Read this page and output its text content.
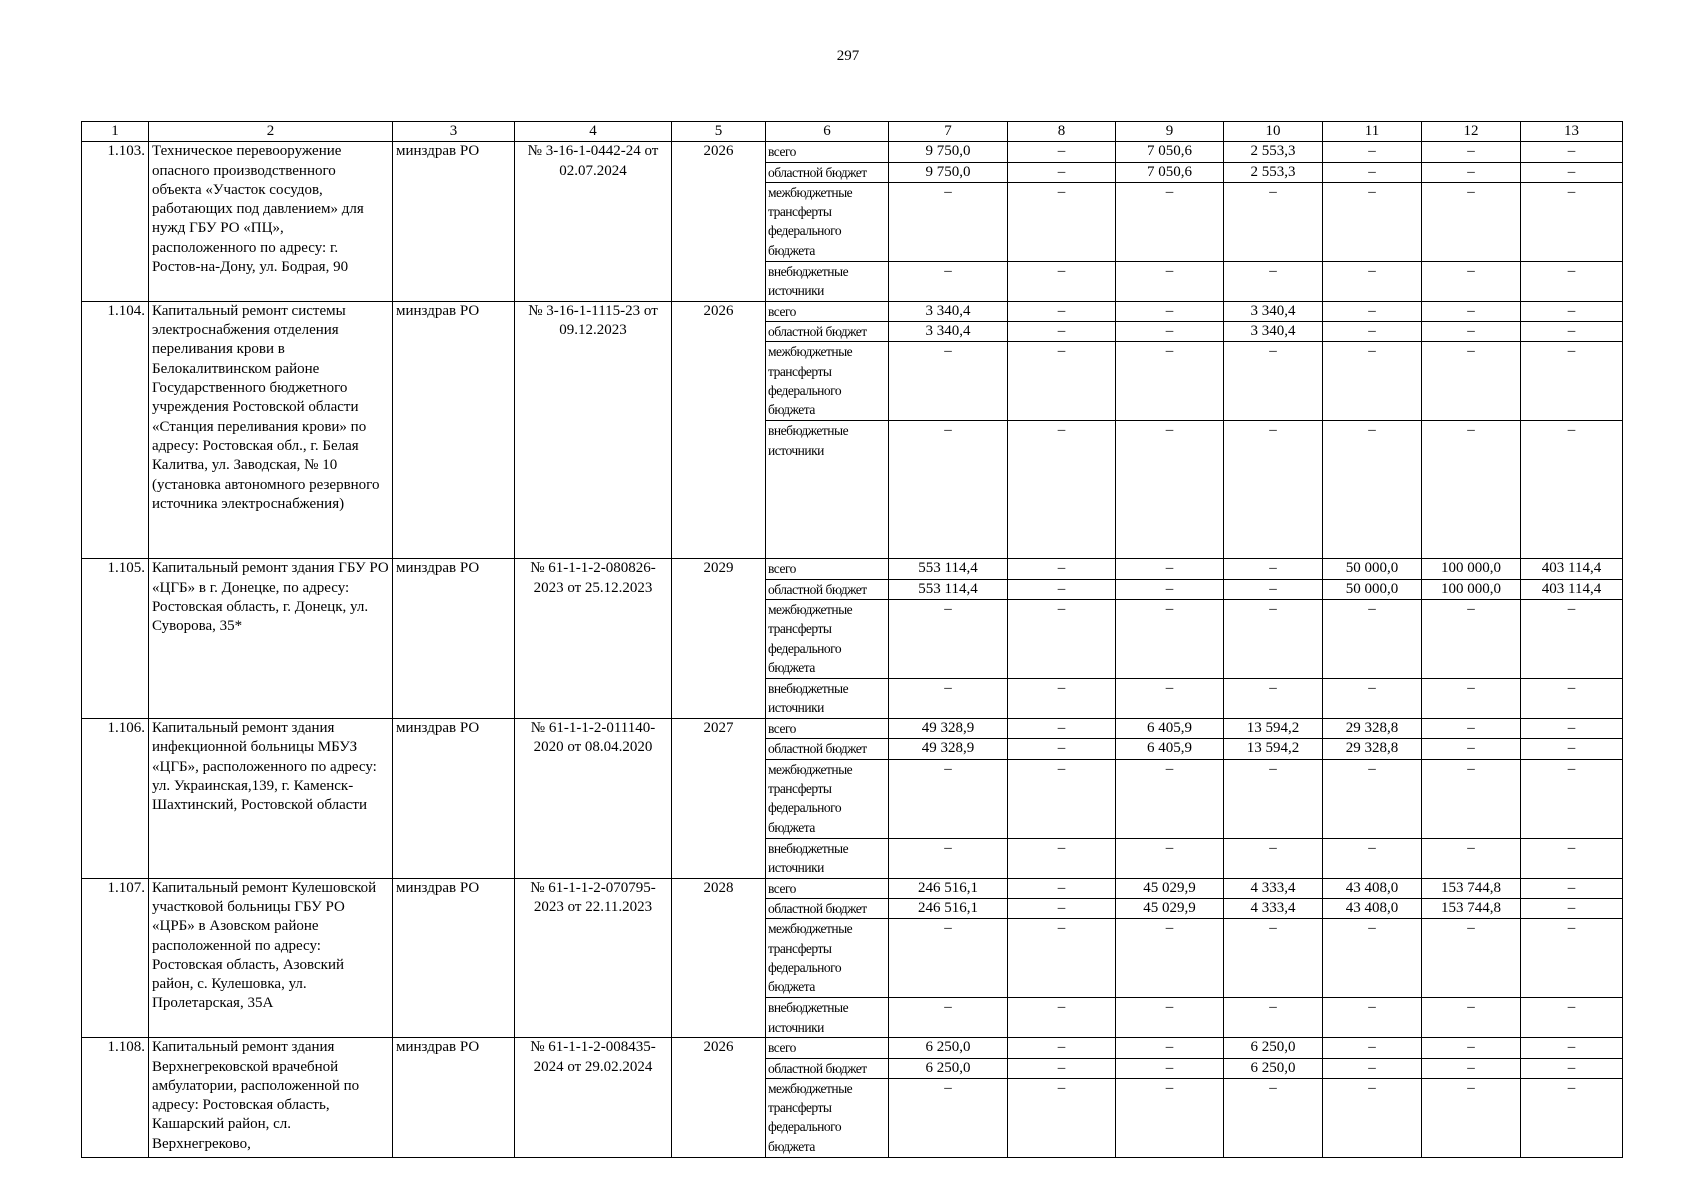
297
1	2	3	4	5	6	7	8	9	10	11	12	13
1.103.	Техническое перевооружение опасного производственного объекта «Участок сосудов, работающих под давлением» для нужд ГБУ РО «ПЦ», расположенного по адресу: г. Ростов-на-Дону, ул. Бодрая, 90	минздрав РО	№ 3-16-1-0442-24 от 02.07.2024	2026	всего	9 750,0	–	7 050,6	2 553,3	–	–	–
					областной бюджет	9 750,0	–	7 050,6	2 553,3	–	–	–
					межбюджетные трансферты федерального бюджета	–	–	–	–	–	–	–
					внебюджетные источники	–	–	–	–	–	–	–
1.104.	Капитальный ремонт системы электроснабжения отделения переливания крови в Белокалитвинском районе Государственного бюджетного учреждения Ростовской области «Станция переливания крови» по адресу: Ростовская обл., г. Белая Калитва, ул. Заводская, № 10 (установка автономного резервного источника электроснабжения)	минздрав РО	№ 3-16-1-1115-23 от 09.12.2023	2026	всего	3 340,4	–	–	3 340,4	–	–	–
					областной бюджет	3 340,4	–	–	3 340,4	–	–	–
					межбюджетные трансферты федерального бюджета	–	–	–	–	–	–	–
					внебюджетные источники	–	–	–	–	–	–	–
1.105.	Капитальный ремонт здания ГБУ РО «ЦГБ» в г. Донецке, по адресу: Ростовская область, г. Донецк, ул. Суворова, 35*	минздрав РО	№ 61-1-1-2-080826-2023 от 25.12.2023	2029	всего	553 114,4	–	–	–	50 000,0	100 000,0	403 114,4
					областной бюджет	553 114,4	–	–	–	50 000,0	100 000,0	403 114,4
					межбюджетные трансферты федерального бюджета	–	–	–	–	–	–	–
					внебюджетные источники	–	–	–	–	–	–	–
1.106.	Капитальный ремонт здания инфекционной больницы МБУЗ «ЦГБ», расположенного по адресу: ул. Украинская,139, г. Каменск-Шахтинский, Ростовской области	минздрав РО	№ 61-1-1-2-011140-2020 от 08.04.2020	2027	всего	49 328,9	–	6 405,9	13 594,2	29 328,8	–	–
					областной бюджет	49 328,9	–	6 405,9	13 594,2	29 328,8	–	–
					межбюджетные трансферты федерального бюджета	–	–	–	–	–	–	–
					внебюджетные источники	–	–	–	–	–	–	–
1.107.	Капитальный ремонт Кулешовской участковой больницы ГБУ РО «ЦРБ» в Азовском районе расположенной по адресу: Ростовская область, Азовский район, с. Кулешовка, ул. Пролетарская, 35А	минздрав РО	№ 61-1-1-2-070795-2023 от 22.11.2023	2028	всего	246 516,1	–	45 029,9	4 333,4	43 408,0	153 744,8	–
					областной бюджет	246 516,1	–	45 029,9	4 333,4	43 408,0	153 744,8	–
					межбюджетные трансферты федерального бюджета	–	–	–	–	–	–	–
					внебюджетные источники	–	–	–	–	–	–	–
1.108.	Капитальный ремонт здания Верхнегрековской врачебной амбулатории, расположенной по адресу: Ростовская область, Кашарский район, сл. Верхнегреково,	минздрав РО	№ 61-1-1-2-008435-2024 от 29.02.2024	2026	всего	6 250,0	–	–	6 250,0	–	–	–
					областной бюджет	6 250,0	–	–	6 250,0	–	–	–
					межбюджетные трансферты федерального бюджета	–	–	–	–	–	–	–
